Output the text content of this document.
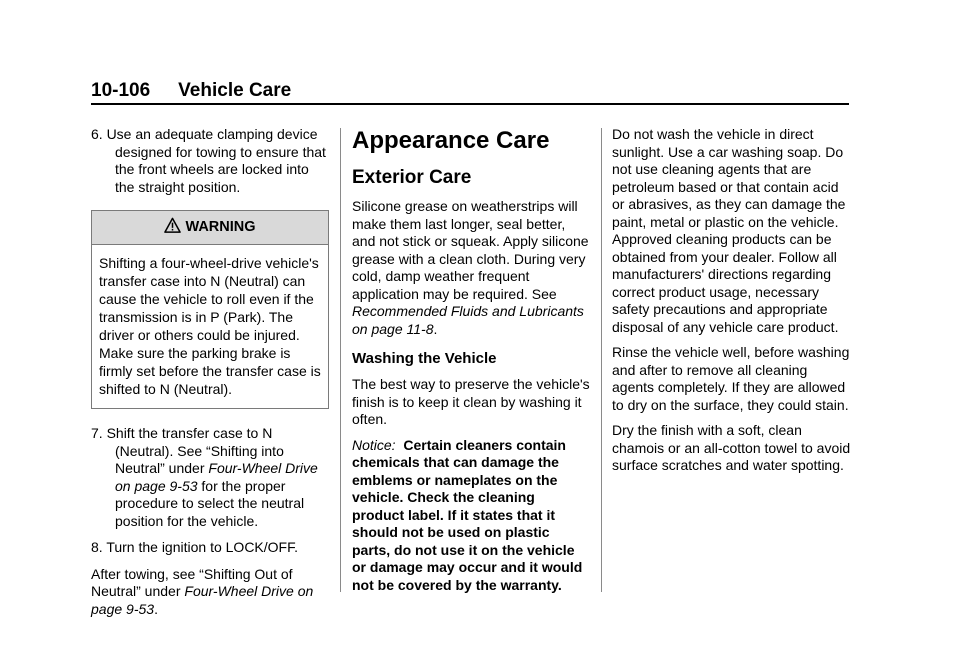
10-106 Vehicle Care

6. Use an adequate clamping device designed for towing to ensure that the front wheels are locked into the straight position.

WARNING
Shifting a four-wheel-drive vehicle's transfer case into N (Neutral) can cause the vehicle to roll even if the transmission is in P (Park). The driver or others could be injured. Make sure the parking brake is firmly set before the transfer case is shifted to N (Neutral).

7. Shift the transfer case to N (Neutral). See “Shifting into Neutral” under Four-Wheel Drive on page 9-53 for the proper procedure to select the neutral position for the vehicle.

8. Turn the ignition to LOCK/OFF.

After towing, see “Shifting Out of Neutral” under Four-Wheel Drive on page 9-53.

Appearance Care
Exterior Care

Silicone grease on weatherstrips will make them last longer, seal better, and not stick or squeak. Apply silicone grease with a clean cloth. During very cold, damp weather frequent application may be required. See Recommended Fluids and Lubricants on page 11-8.

Washing the Vehicle

The best way to preserve the vehicle's finish is to keep it clean by washing it often.

Notice: Certain cleaners contain chemicals that can damage the emblems or nameplates on the vehicle. Check the cleaning product label. If it states that it should not be used on plastic parts, do not use it on the vehicle or damage may occur and it would not be covered by the warranty.

Do not wash the vehicle in direct sunlight. Use a car washing soap. Do not use cleaning agents that are petroleum based or that contain acid or abrasives, as they can damage the paint, metal or plastic on the vehicle. Approved cleaning products can be obtained from your dealer. Follow all manufacturers' directions regarding correct product usage, necessary safety precautions and appropriate disposal of any vehicle care product.

Rinse the vehicle well, before washing and after to remove all cleaning agents completely. If they are allowed to dry on the surface, they could stain.

Dry the finish with a soft, clean chamois or an all-cotton towel to avoid surface scratches and water spotting.
